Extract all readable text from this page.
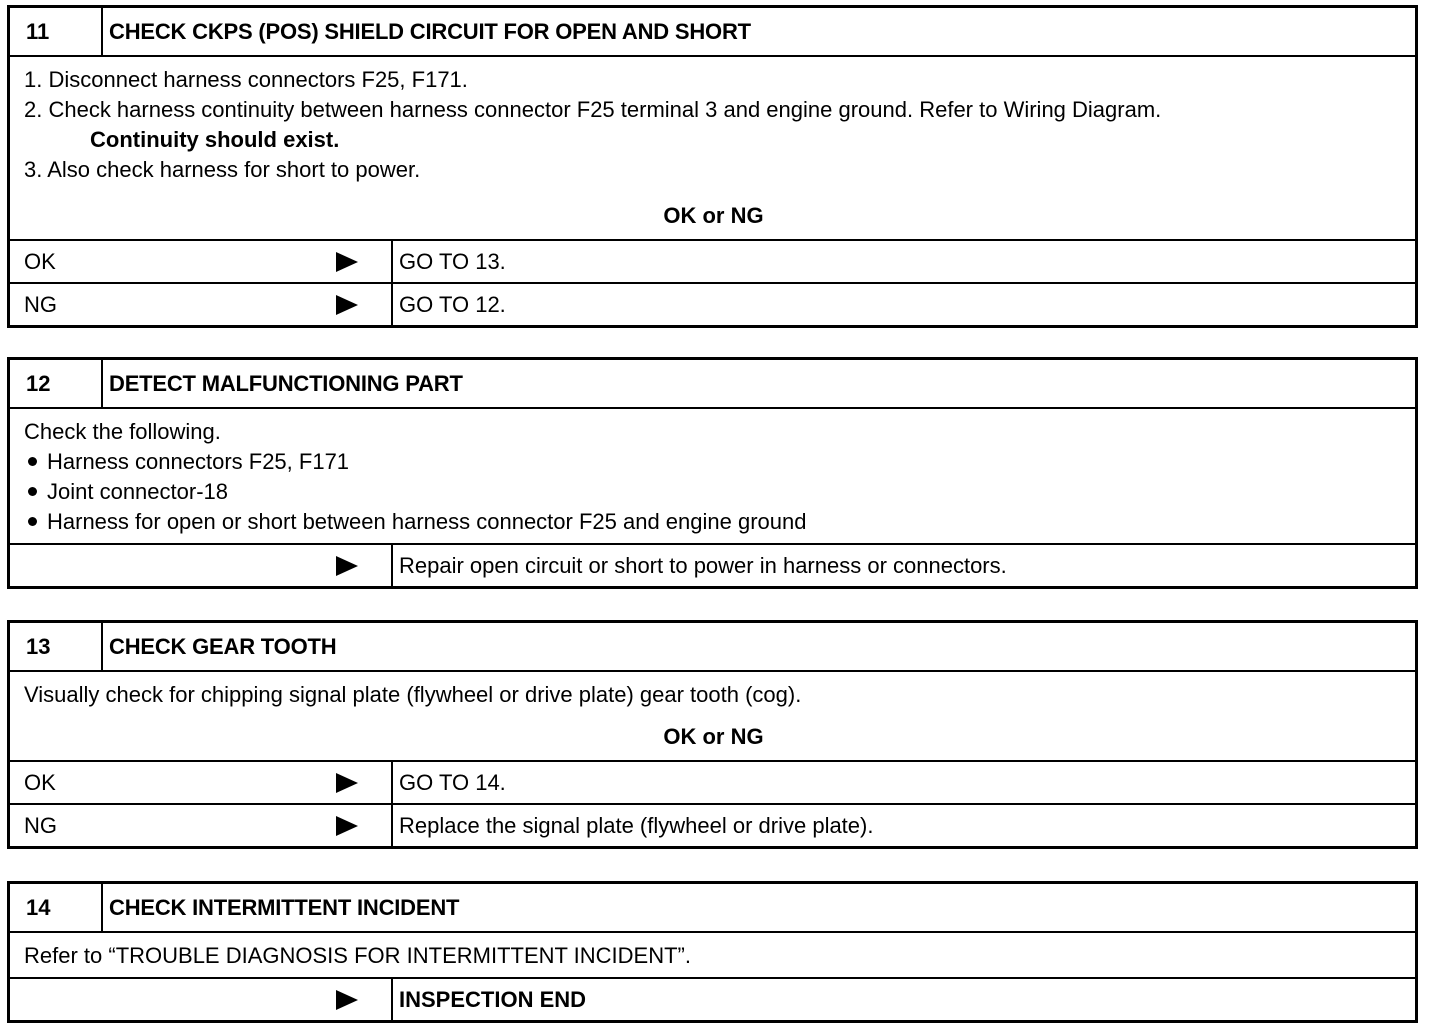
11	CHECK CKPS (POS) SHIELD CIRCUIT FOR OPEN AND SHORT
1. Disconnect harness connectors F25, F171.
2. Check harness continuity between harness connector F25 terminal 3 and engine ground. Refer to Wiring Diagram.
Continuity should exist.
3. Also check harness for short to power.
OK or NG
OK	GO TO 13.
NG	GO TO 12.
12	DETECT MALFUNCTIONING PART
Check the following.
Harness connectors F25, F171
Joint connector-18
Harness for open or short between harness connector F25 and engine ground
Repair open circuit or short to power in harness or connectors.
13	CHECK GEAR TOOTH
Visually check for chipping signal plate (flywheel or drive plate) gear tooth (cog).
OK or NG
OK	GO TO 14.
NG	Replace the signal plate (flywheel or drive plate).
14	CHECK INTERMITTENT INCIDENT
Refer to “TROUBLE DIAGNOSIS FOR INTERMITTENT INCIDENT”.
INSPECTION END
